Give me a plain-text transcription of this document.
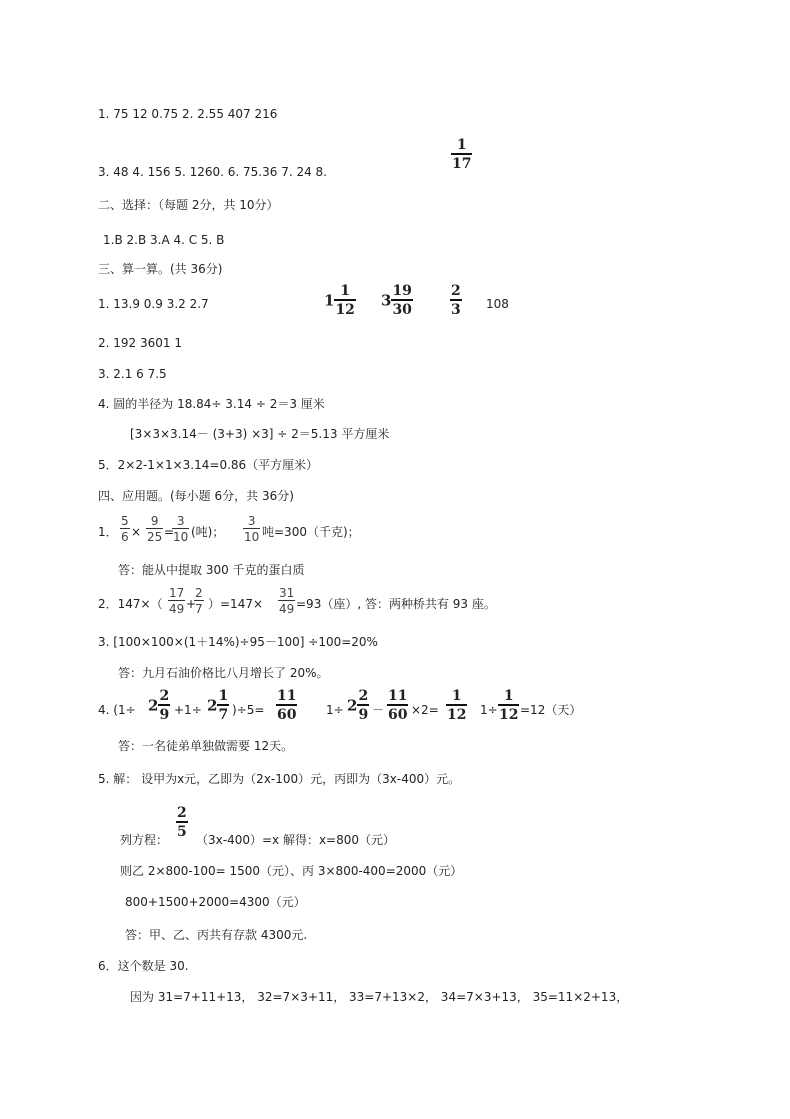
1. 75 12 0.75 2. 2.55 407 216
3. 48 4. 156 5. 1260. 6. 75.36 7. 24 8.
1
17
二、选择：（每题 2分，共 10分）
1.B 2.B 3.A 4. C 5. B
三、算一算。(共 36分)
1. 13.9 0.9 3.2 2.7	$1 \frac{1}{12} 3 \frac{19}{30}$	2
3 108
2. 192 3601 1
3. 2.1 6 7.5
4. 圆的半径为 18.84÷ 3.14 ÷ 2＝3 厘米
[3×3×3.14－ (3+3) ×3] ÷ 2＝5.13 平方厘米
5．2×2-1×1×3.14=0.86（平方厘米）
四、应用题。(每小题 6分，共 36分)
1．
5
6 ×
9
25 =
3
10 (吨)；
3
10 吨=300（千克)；
答：能从中提取 300 千克的蛋白质
2．147×（
17
49 +
2
7 ）=147×
31
49 =93（座）, 答：两种桥共有 93 座。
3. [100×100×(1＋14%)÷95－100] ÷100=20%
答：九月石油价格比八月增长了 20%。
4. $(1\div 2 \frac{2}{9} +1\div 2 \frac{1}{7} )\div 5=$
11
60 $1\div 2 \frac{2}{9}$ －
11
60 ×2=
1
12 1÷
1
12 =12（天）
答：一名徒弟单独做需要 12天。
5. 解： 设甲为x元，乙即为（2x-100）元，丙即为（3x-400）元。
列方程：
2
5 （3x-400）=x 解得：x=800（元）
则乙 2×800-100= 1500（元）、丙 3×800-400=2000（元）
800+1500+2000=4300（元）
答：甲、乙、丙共有存款 4300元.
6．这个数是 30.
因为 31=7+11+13， 32=7×3+11， 33=7+13×2， 34=7×3+13， 35=11×2+13，
